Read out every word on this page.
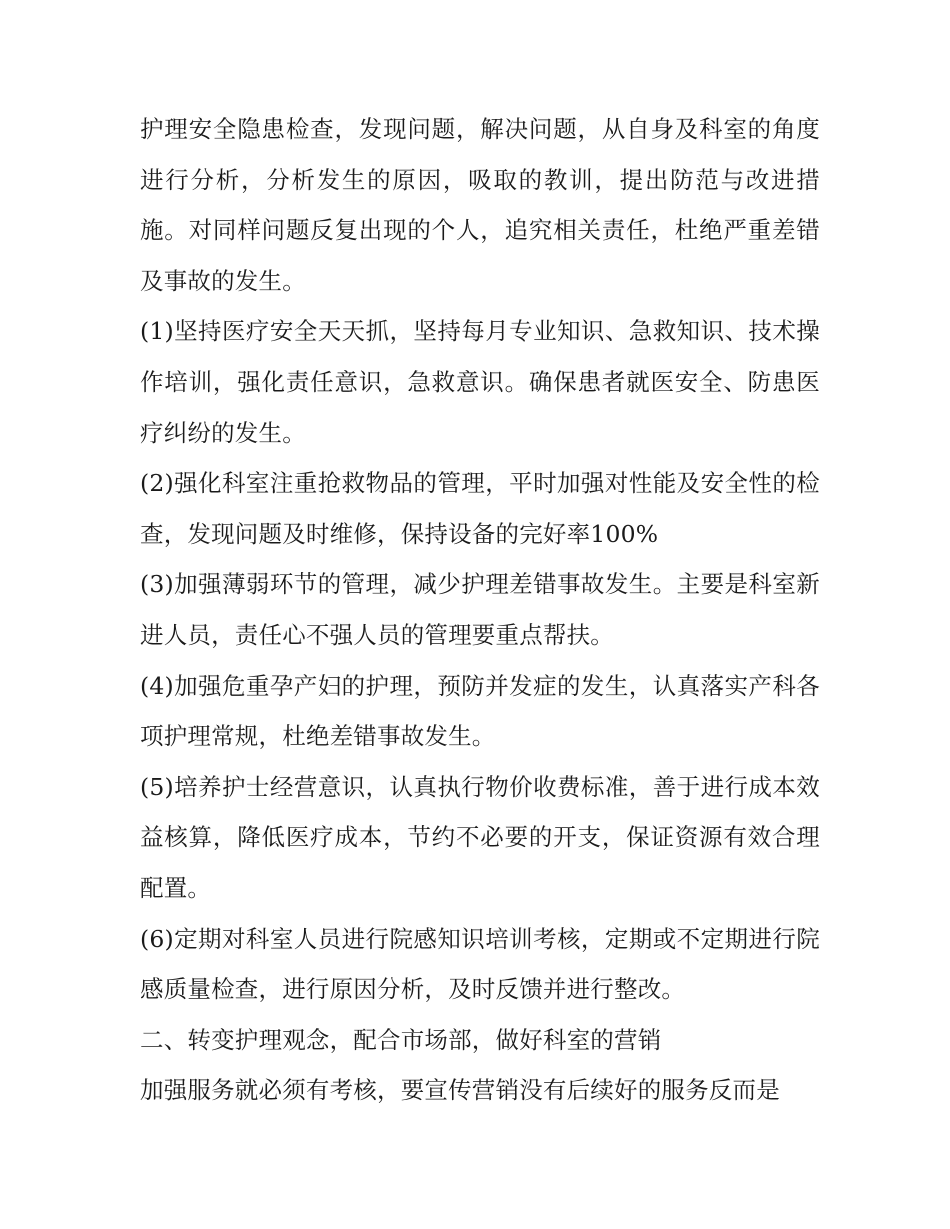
护理安全隐患检查，发现问题，解决问题，从自身及科室的角度进行分析，分析发生的原因，吸取的教训，提出防范与改进措施。对同样问题反复出现的个人，追究相关责任，杜绝严重差错及事故的发生。

(1)坚持医疗安全天天抓，坚持每月专业知识、急救知识、技术操作培训，强化责任意识，急救意识。确保患者就医安全、防患医疗纠纷的发生。

(2)强化科室注重抢救物品的管理，平时加强对性能及安全性的检查，发现问题及时维修，保持设备的完好率100%

(3)加强薄弱环节的管理，减少护理差错事故发生。主要是科室新进人员，责任心不强人员的管理要重点帮扶。

(4)加强危重孕产妇的护理，预防并发症的发生，认真落实产科各项护理常规，杜绝差错事故发生。

(5)培养护士经营意识，认真执行物价收费标准，善于进行成本效益核算，降低医疗成本，节约不必要的开支，保证资源有效合理配置。

(6)定期对科室人员进行院感知识培训考核，定期或不定期进行院感质量检查，进行原因分析，及时反馈并进行整改。

二、转变护理观念，配合市场部，做好科室的营销

加强服务就必须有考核，要宣传营销没有后续好的服务反而是
